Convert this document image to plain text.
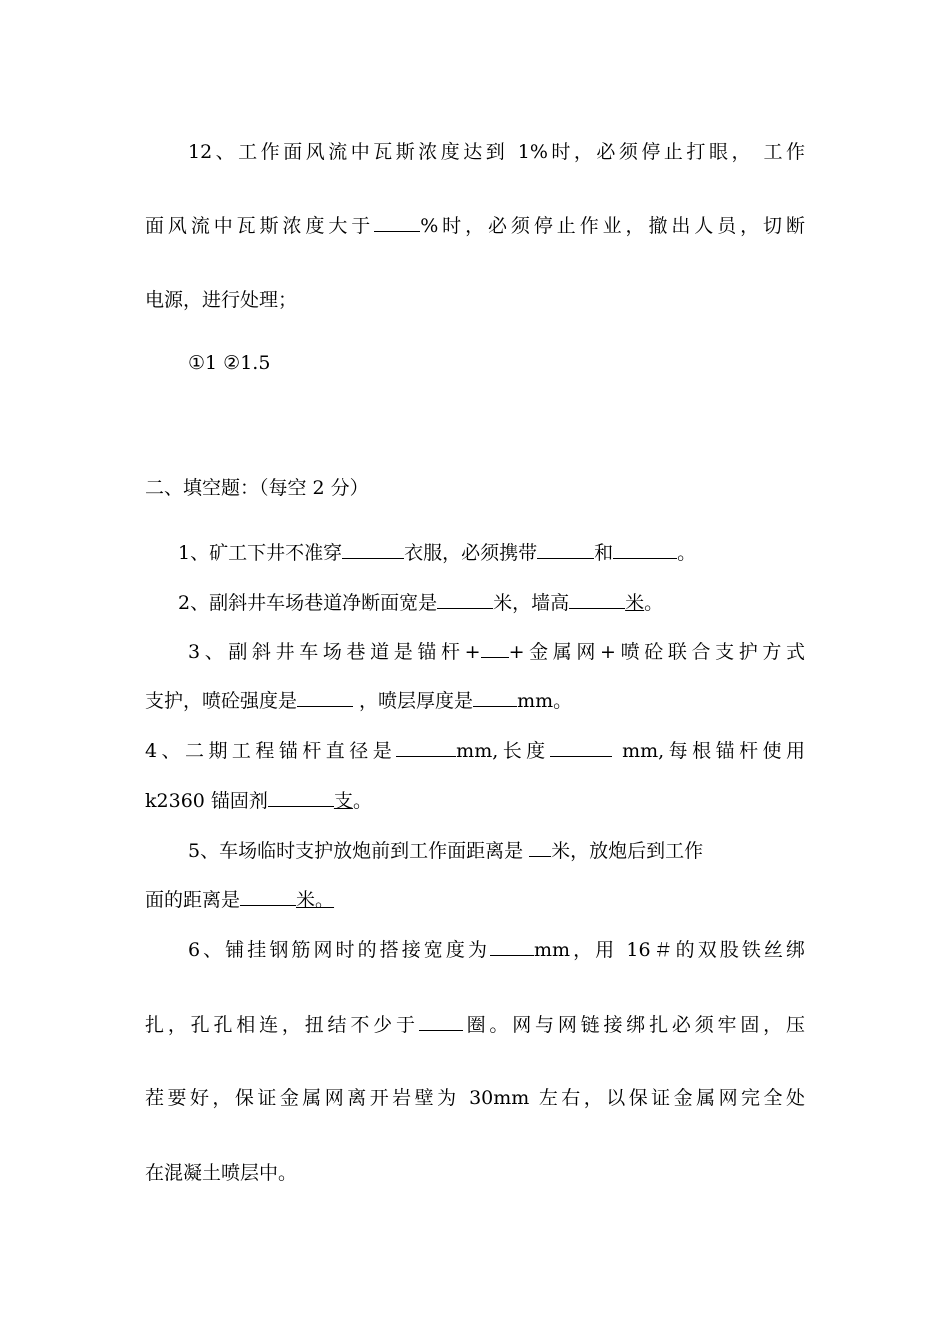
12、工作面风流中瓦斯浓度达到 1%时，必须停止打眼， 工作
面风流中瓦斯浓度大于 %时，必须停止作业，撤出人员，切断
电源，进行处理；
①1 ②1.5
二、填空题：（每空 2 分）
1、矿工下井不准穿	衣服，必须携带	和	。
2、副斜井车场巷道净断面宽是	米，墙高	米。
3、副斜井车场巷道是锚杆+ +金属网+喷砼联合支护方式
支护，喷砼强度是	，喷层厚度是 mm。
4、二期工程锚杆直径是	mm,长度	mm,每根锚杆使用
k2360 锚固剂	支。
5、车场临时支护放炮前到工作面距离是 米，放炮后到工作
面的距离是	米。
6、铺挂钢筋网时的搭接宽度为 mm，用 16＃的双股铁丝绑
扎，孔孔相连，扭结不少于 圈。网与网链接绑扎必须牢固，压
茬要好，保证金属网离开岩壁为 30mm 左右，以保证金属网完全处
在混凝土喷层中。
